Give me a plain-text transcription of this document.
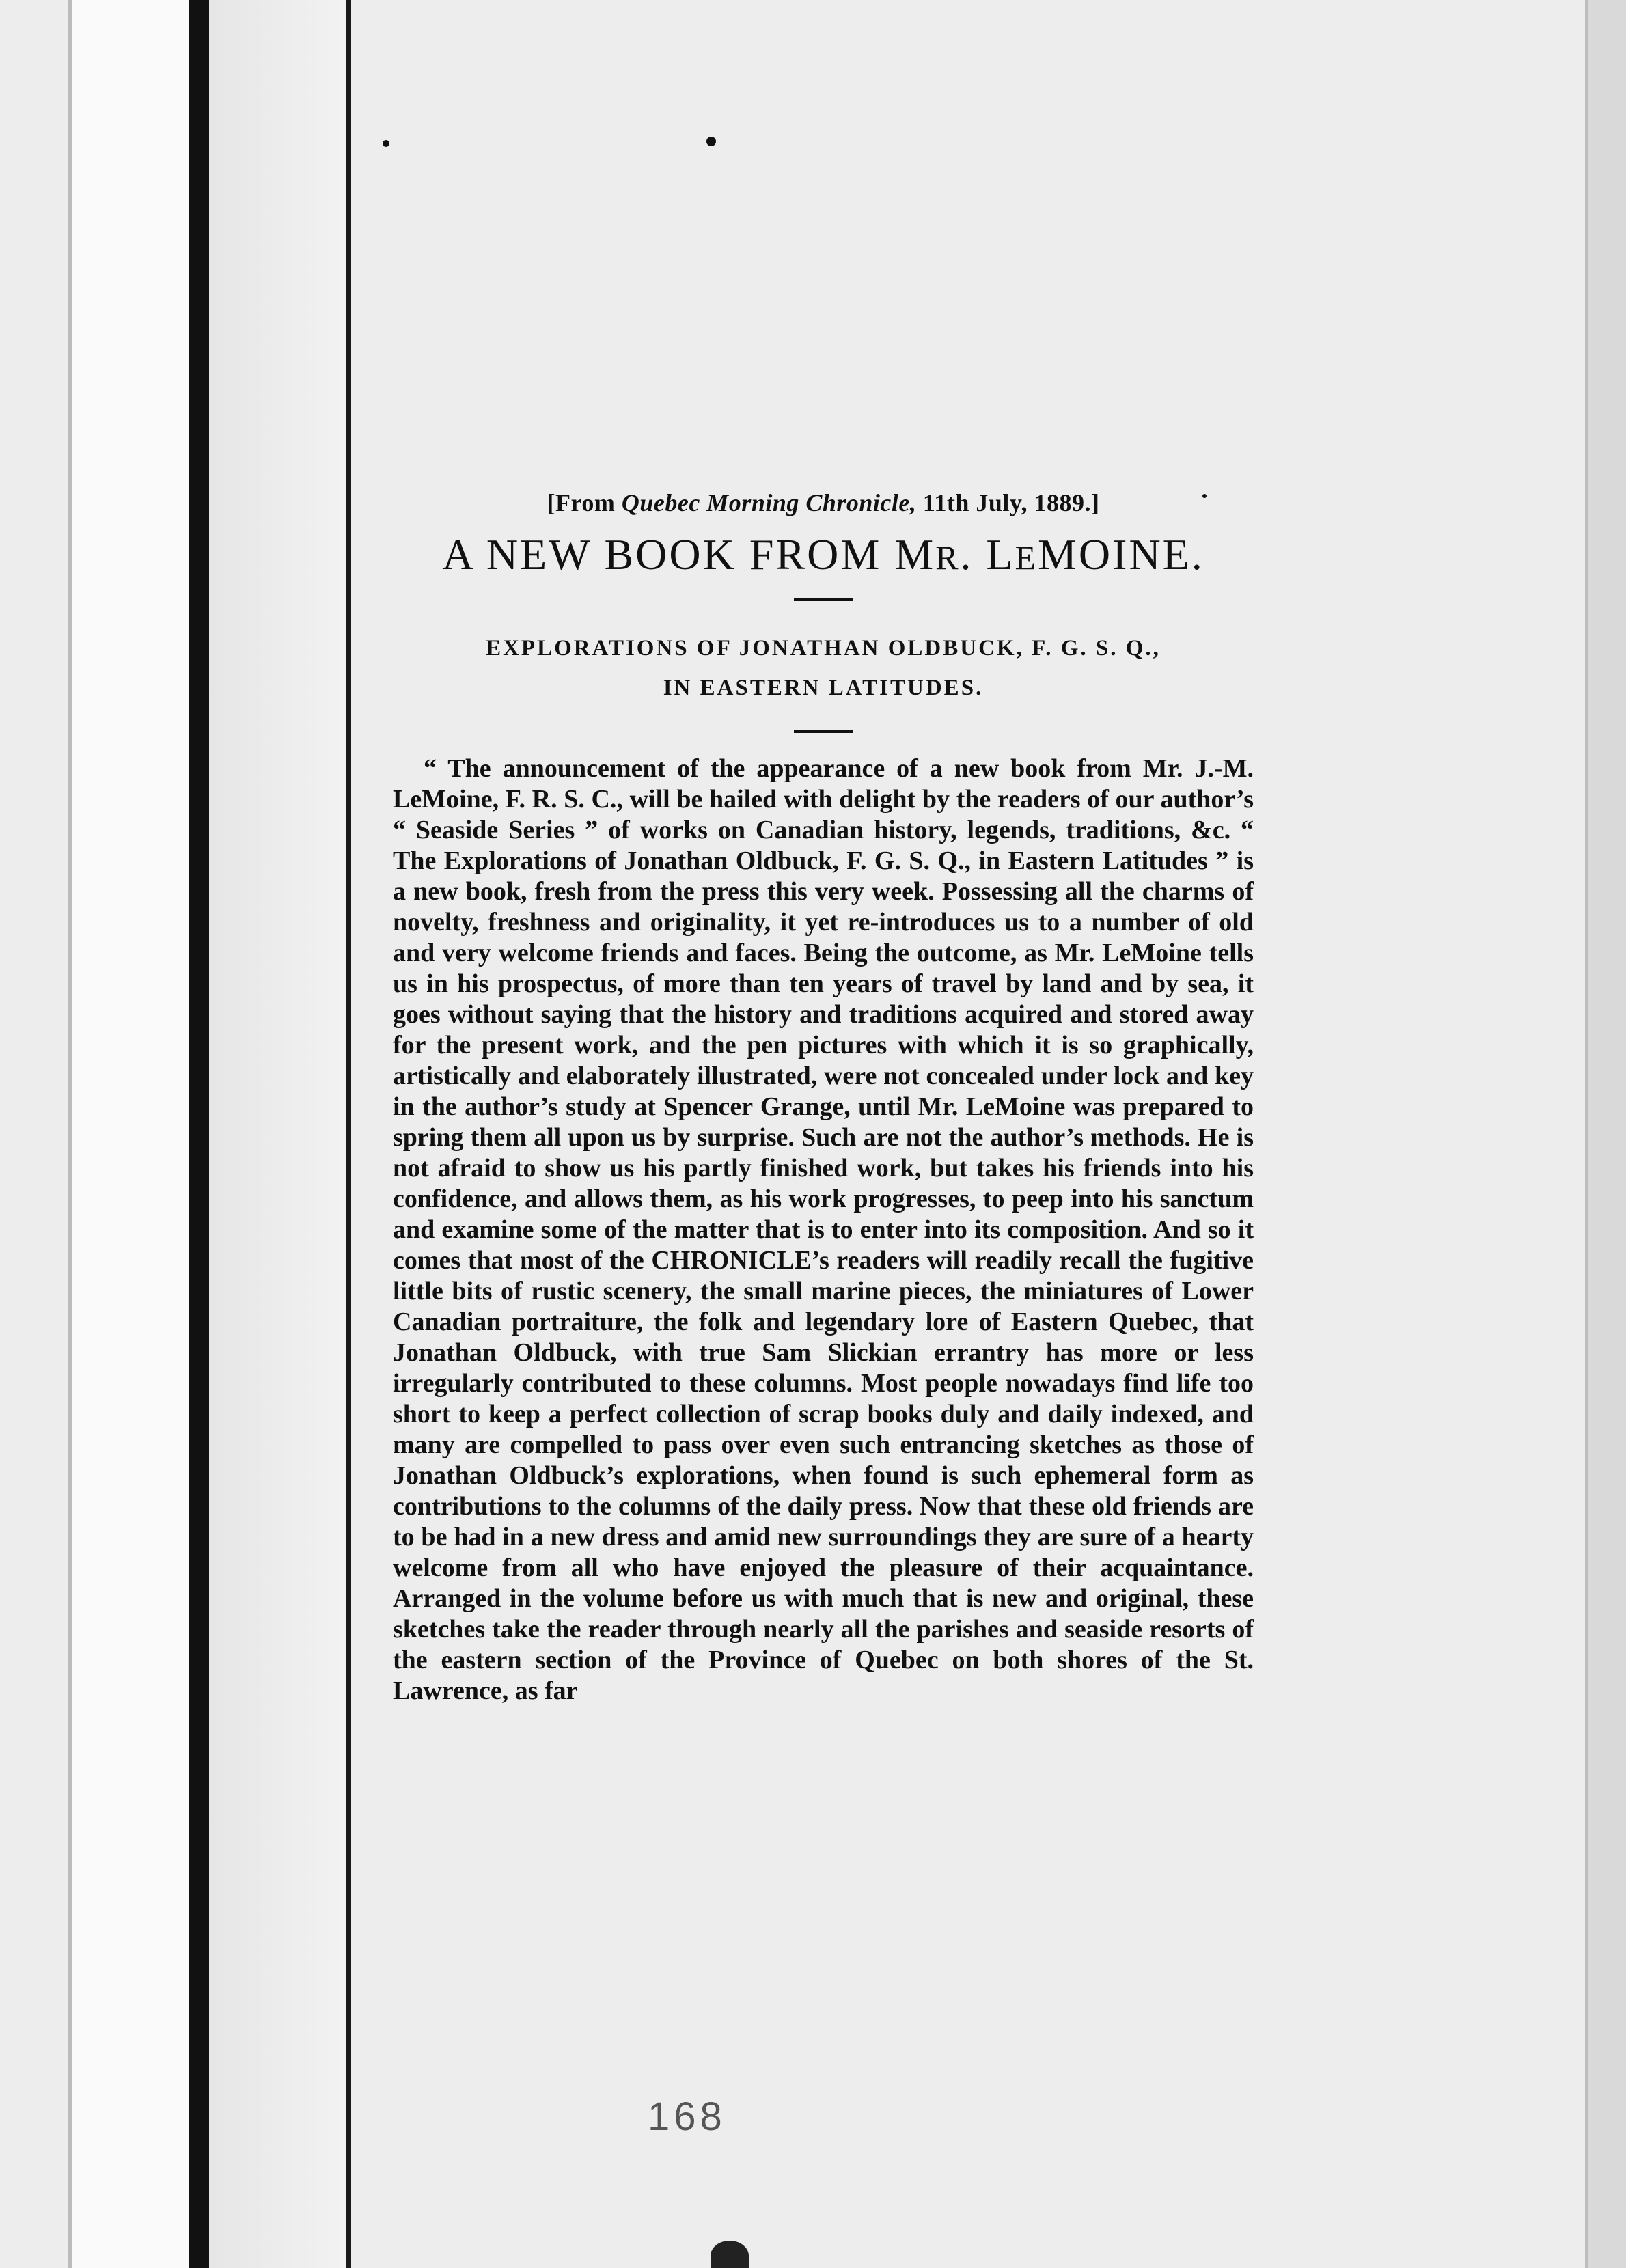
[From Quebec Morning Chronicle, 11th July, 1889.]

A NEW BOOK FROM MR. LEMOINE.

EXPLORATIONS OF JONATHAN OLDBUCK, F. G. S. Q.,
IN EASTERN LATITUDES.

“ The announcement of the appearance of a new book from Mr. J.-M. LeMoine, F. R. S. C., will be hailed with delight by the readers of our author’s “ Seaside Series ” of works on Canadian history, legends, traditions, &c. “ The Explorations of Jonathan Oldbuck, F. G. S. Q., in Eastern Latitudes ” is a new book, fresh from the press this very week. Possessing all the charms of novelty, freshness and originality, it yet re-introduces us to a number of old and very welcome friends and faces. Being the outcome, as Mr. LeMoine tells us in his prospectus, of more than ten years of travel by land and by sea, it goes without saying that the history and traditions acquired and stored away for the present work, and the pen pictures with which it is so graphically, artistically and elaborately illustrated, were not concealed under lock and key in the author’s study at Spencer Grange, until Mr. LeMoine was prepared to spring them all upon us by surprise. Such are not the author’s methods. He is not afraid to show us his partly finished work, but takes his friends into his confidence, and allows them, as his work progresses, to peep into his sanctum and examine some of the matter that is to enter into its composition. And so it comes that most of the CHRONICLE’s readers will readily recall the fugitive little bits of rustic scenery, the small marine pieces, the miniatures of Lower Canadian portraiture, the folk and legendary lore of Eastern Quebec, that Jonathan Oldbuck, with true Sam Slickian errantry has more or less irregularly contributed to these columns. Most people nowadays find life too short to keep a perfect collection of scrap books duly and daily indexed, and many are compelled to pass over even such entrancing sketches as those of Jonathan Oldbuck’s explorations, when found is such ephemeral form as contributions to the columns of the daily press. Now that these old friends are to be had in a new dress and amid new surroundings they are sure of a hearty welcome from all who have enjoyed the pleasure of their acquaintance. Arranged in the volume before us with much that is new and original, these sketches take the reader through nearly all the parishes and seaside resorts of the eastern section of the Province of Quebec on both shores of the St. Lawrence, as far

168
